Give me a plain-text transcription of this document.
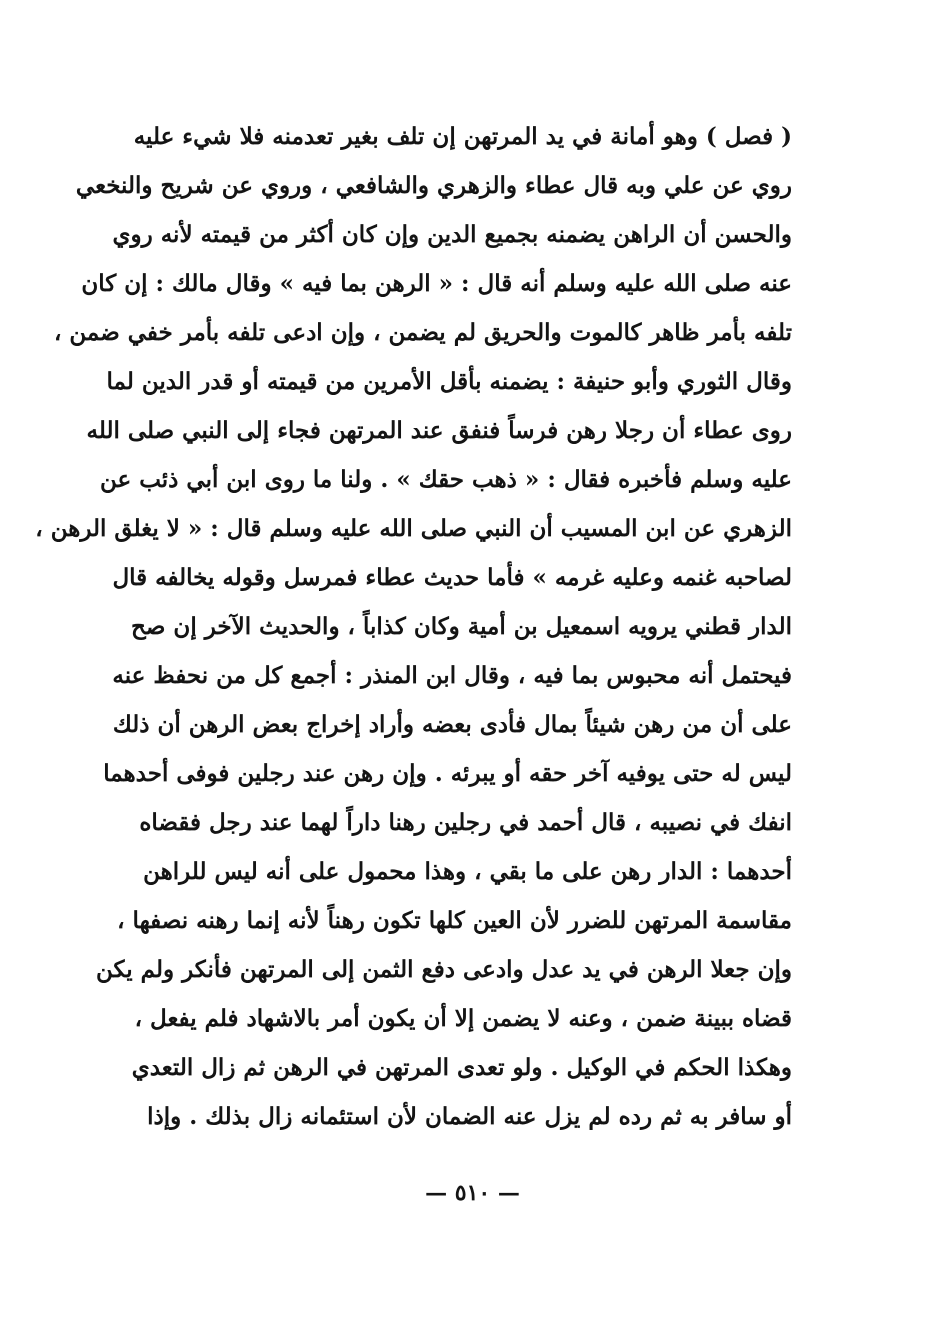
( فصل ) وهو أمانة في يد المرتهن إن تلف بغير تعدمنه فلا شيء عليه
روي عن علي وبه قال عطاء والزهري والشافعي ، وروي عن شريح والنخعي
والحسن أن الراهن يضمنه بجميع الدين وإن كان أكثر من قيمته لأنه روي
عنه صلى الله عليه وسلم أنه قال : « الرهن بما فيه » وقال مالك : إن كان
تلفه بأمر ظاهر كالموت والحريق لم يضمن ، وإن ادعى تلفه بأمر خفي ضمن ،
وقال الثوري وأبو حنيفة : يضمنه بأقل الأمرين من قيمته أو قدر الدين لما
روى عطاء أن رجلا رهن فرساً فنفق عند المرتهن فجاء إلى النبي صلى الله
عليه وسلم فأخبره فقال : « ذهب حقك » . ولنا ما روى ابن أبي ذئب عن
الزهري عن ابن المسيب أن النبي صلى الله عليه وسلم قال : « لا يغلق الرهن ،
لصاحبه غنمه وعليه غرمه » فأما حديث عطاء فمرسل وقوله يخالفه قال
الدار قطني يرويه اسمعيل بن أمية وكان كذاباً ، والحديث الآخر إن صح
فيحتمل أنه محبوس بما فيه ، وقال ابن المنذر : أجمع كل من نحفظ عنه
على أن من رهن شيئاً بمال فأدى بعضه وأراد إخراج بعض الرهن أن ذلك
ليس له حتى يوفيه آخر حقه أو يبرئه . وإن رهن عند رجلين فوفى أحدهما
انفك في نصيبه ، قال أحمد في رجلين رهنا داراً لهما عند رجل فقضاه
أحدهما : الدار رهن على ما بقي ، وهذا محمول على أنه ليس للراهن
مقاسمة المرتهن للضرر لأن العين كلها تكون رهناً لأنه إنما رهنه نصفها ،
وإن جعلا الرهن في يد عدل وادعى دفع الثمن إلى المرتهن فأنكر ولم يكن
قضاه ببينة ضمن ، وعنه لا يضمن إلا أن يكون أمر بالاشهاد فلم يفعل ،
وهكذا الحكم في الوكيل . ولو تعدى المرتهن في الرهن ثم زال التعدي
أو سافر به ثم رده لم يزل عنه الضمان لأن استئمانه زال بذلك . وإذا
— ٥١٠ —
